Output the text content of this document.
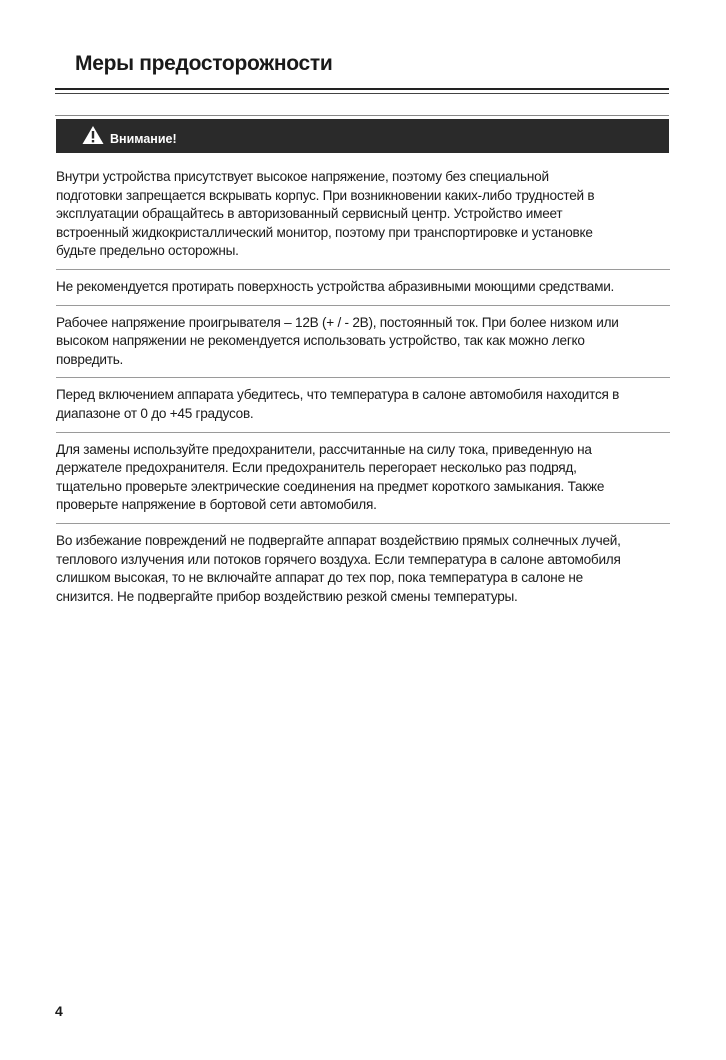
Меры предосторожности
Внимание!
Внутри устройства присутствует высокое напряжение, поэтому без специальной
подготовки запрещается вскрывать корпус. При возникновении каких-либо трудностей в
эксплуатации обращайтесь в авторизованный сервисный центр. Устройство имеет
встроенный жидкокристаллический монитор, поэтому при транспортировке и установке
будьте предельно осторожны.
Не рекомендуется протирать поверхность устройства абразивными моющими средствами.
Рабочее напряжение проигрывателя – 12В (+ / - 2В), постоянный ток. При более низком или
высоком напряжении не рекомендуется использовать устройство, так как можно легко
повредить.
Перед включением аппарата убедитесь, что температура в салоне автомобиля находится в
диапазоне от 0 до +45 градусов.
Для замены используйте предохранители, рассчитанные на силу тока, приведенную на
держателе предохранителя. Если предохранитель перегорает несколько раз подряд,
тщательно проверьте электрические соединения на предмет короткого замыкания. Также
проверьте напряжение в бортовой сети автомобиля.
Во избежание повреждений не подвергайте аппарат воздействию прямых солнечных лучей,
теплового излучения или потоков горячего воздуха. Если температура в салоне автомобиля
слишком высокая, то не включайте аппарат до тех пор, пока температура в салоне не
снизится. Не подвергайте прибор воздействию резкой смены температуры.
4
